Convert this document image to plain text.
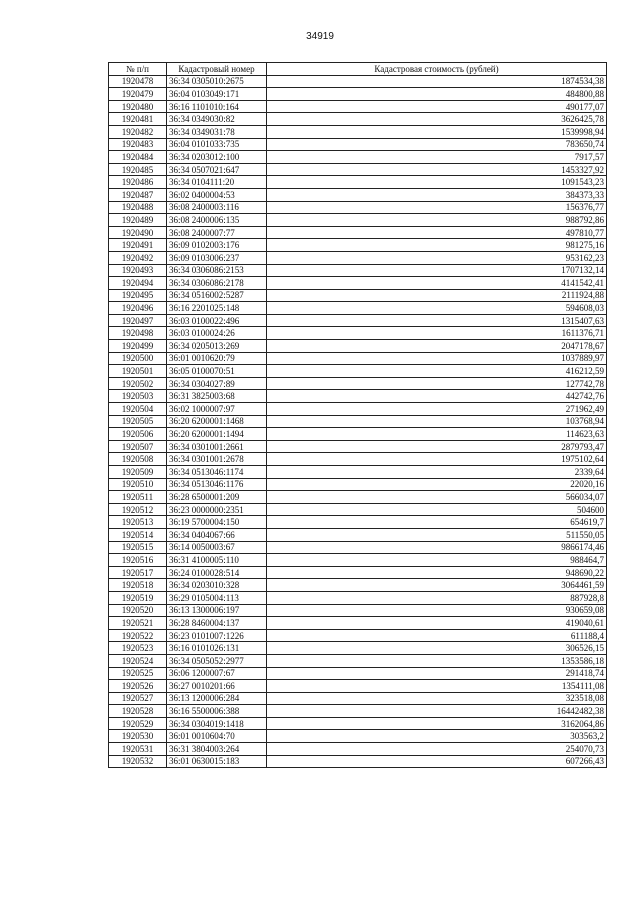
34919
№ п/п	Кадастровый номер	Кадастровая стоимость (рублей)
1920478	36:34 0305010:2675	1874534,38
1920479	36:04 0103049:171	484800,88
1920480	36:16 1101010:164	490177,07
1920481	36:34 0349030:82	3626425,78
1920482	36:34 0349031:78	1539998,94
1920483	36:04 0101033:735	783650,74
1920484	36:34 0203012:100	7917,57
1920485	36:34 0507021:647	1453327,92
1920486	36:34 0104111:20	1091543,23
1920487	36:02 0400004:53	384373,33
1920488	36:08 2400003:116	156376,77
1920489	36:08 2400006:135	988792,86
1920490	36:08 2400007:77	497810,77
1920491	36:09 0102003:176	981275,16
1920492	36:09 0103006:237	953162,23
1920493	36:34 0306086:2153	1707132,14
1920494	36:34 0306086:2178	4141542,41
1920495	36:34 0516002:5287	2111924,88
1920496	36:16 2201025:148	594608,03
1920497	36:03 0100022:496	1315407,63
1920498	36:03 0100024:26	1611376,71
1920499	36:34 0205013:269	2047178,67
1920500	36:01 0010620:79	1037889,97
1920501	36:05 0100070:51	416212,59
1920502	36:34 0304027:89	127742,78
1920503	36:31 3825003:68	442742,76
1920504	36:02 1000007:97	271962,49
1920505	36:20 6200001:1468	103768,94
1920506	36:20 6200001:1494	114623,63
1920507	36:34 0301001:2661	2879793,47
1920508	36:34 0301001:2678	1975102,64
1920509	36:34 0513046:1174	2339,64
1920510	36:34 0513046:1176	22020,16
1920511	36:28 6500001:209	566034,07
1920512	36:23 0000000:2351	504600
1920513	36:19 5700004:150	654619,7
1920514	36:34 0404067:66	511550,05
1920515	36:14 0050003:67	9866174,46
1920516	36:31 4100005:110	988464,7
1920517	36:24 0100028:514	948690,22
1920518	36:34 0203010:328	3064461,59
1920519	36:29 0105004:113	887928,8
1920520	36:13 1300006:197	930659,08
1920521	36:28 8460004:137	419040,61
1920522	36:23 0101007:1226	611188,4
1920523	36:16 0101026:131	306526,15
1920524	36:34 0505052:2977	1353586,18
1920525	36:06 1200007:67	291418,74
1920526	36:27 0010201:66	1354111,08
1920527	36:13 1200006:284	323518,08
1920528	36:16 5500006:388	16442482,38
1920529	36:34 0304019:1418	3162064,86
1920530	36:01 0010604:70	303563,2
1920531	36:31 3804003:264	254070,73
1920532	36:01 0630015:183	607266,43
